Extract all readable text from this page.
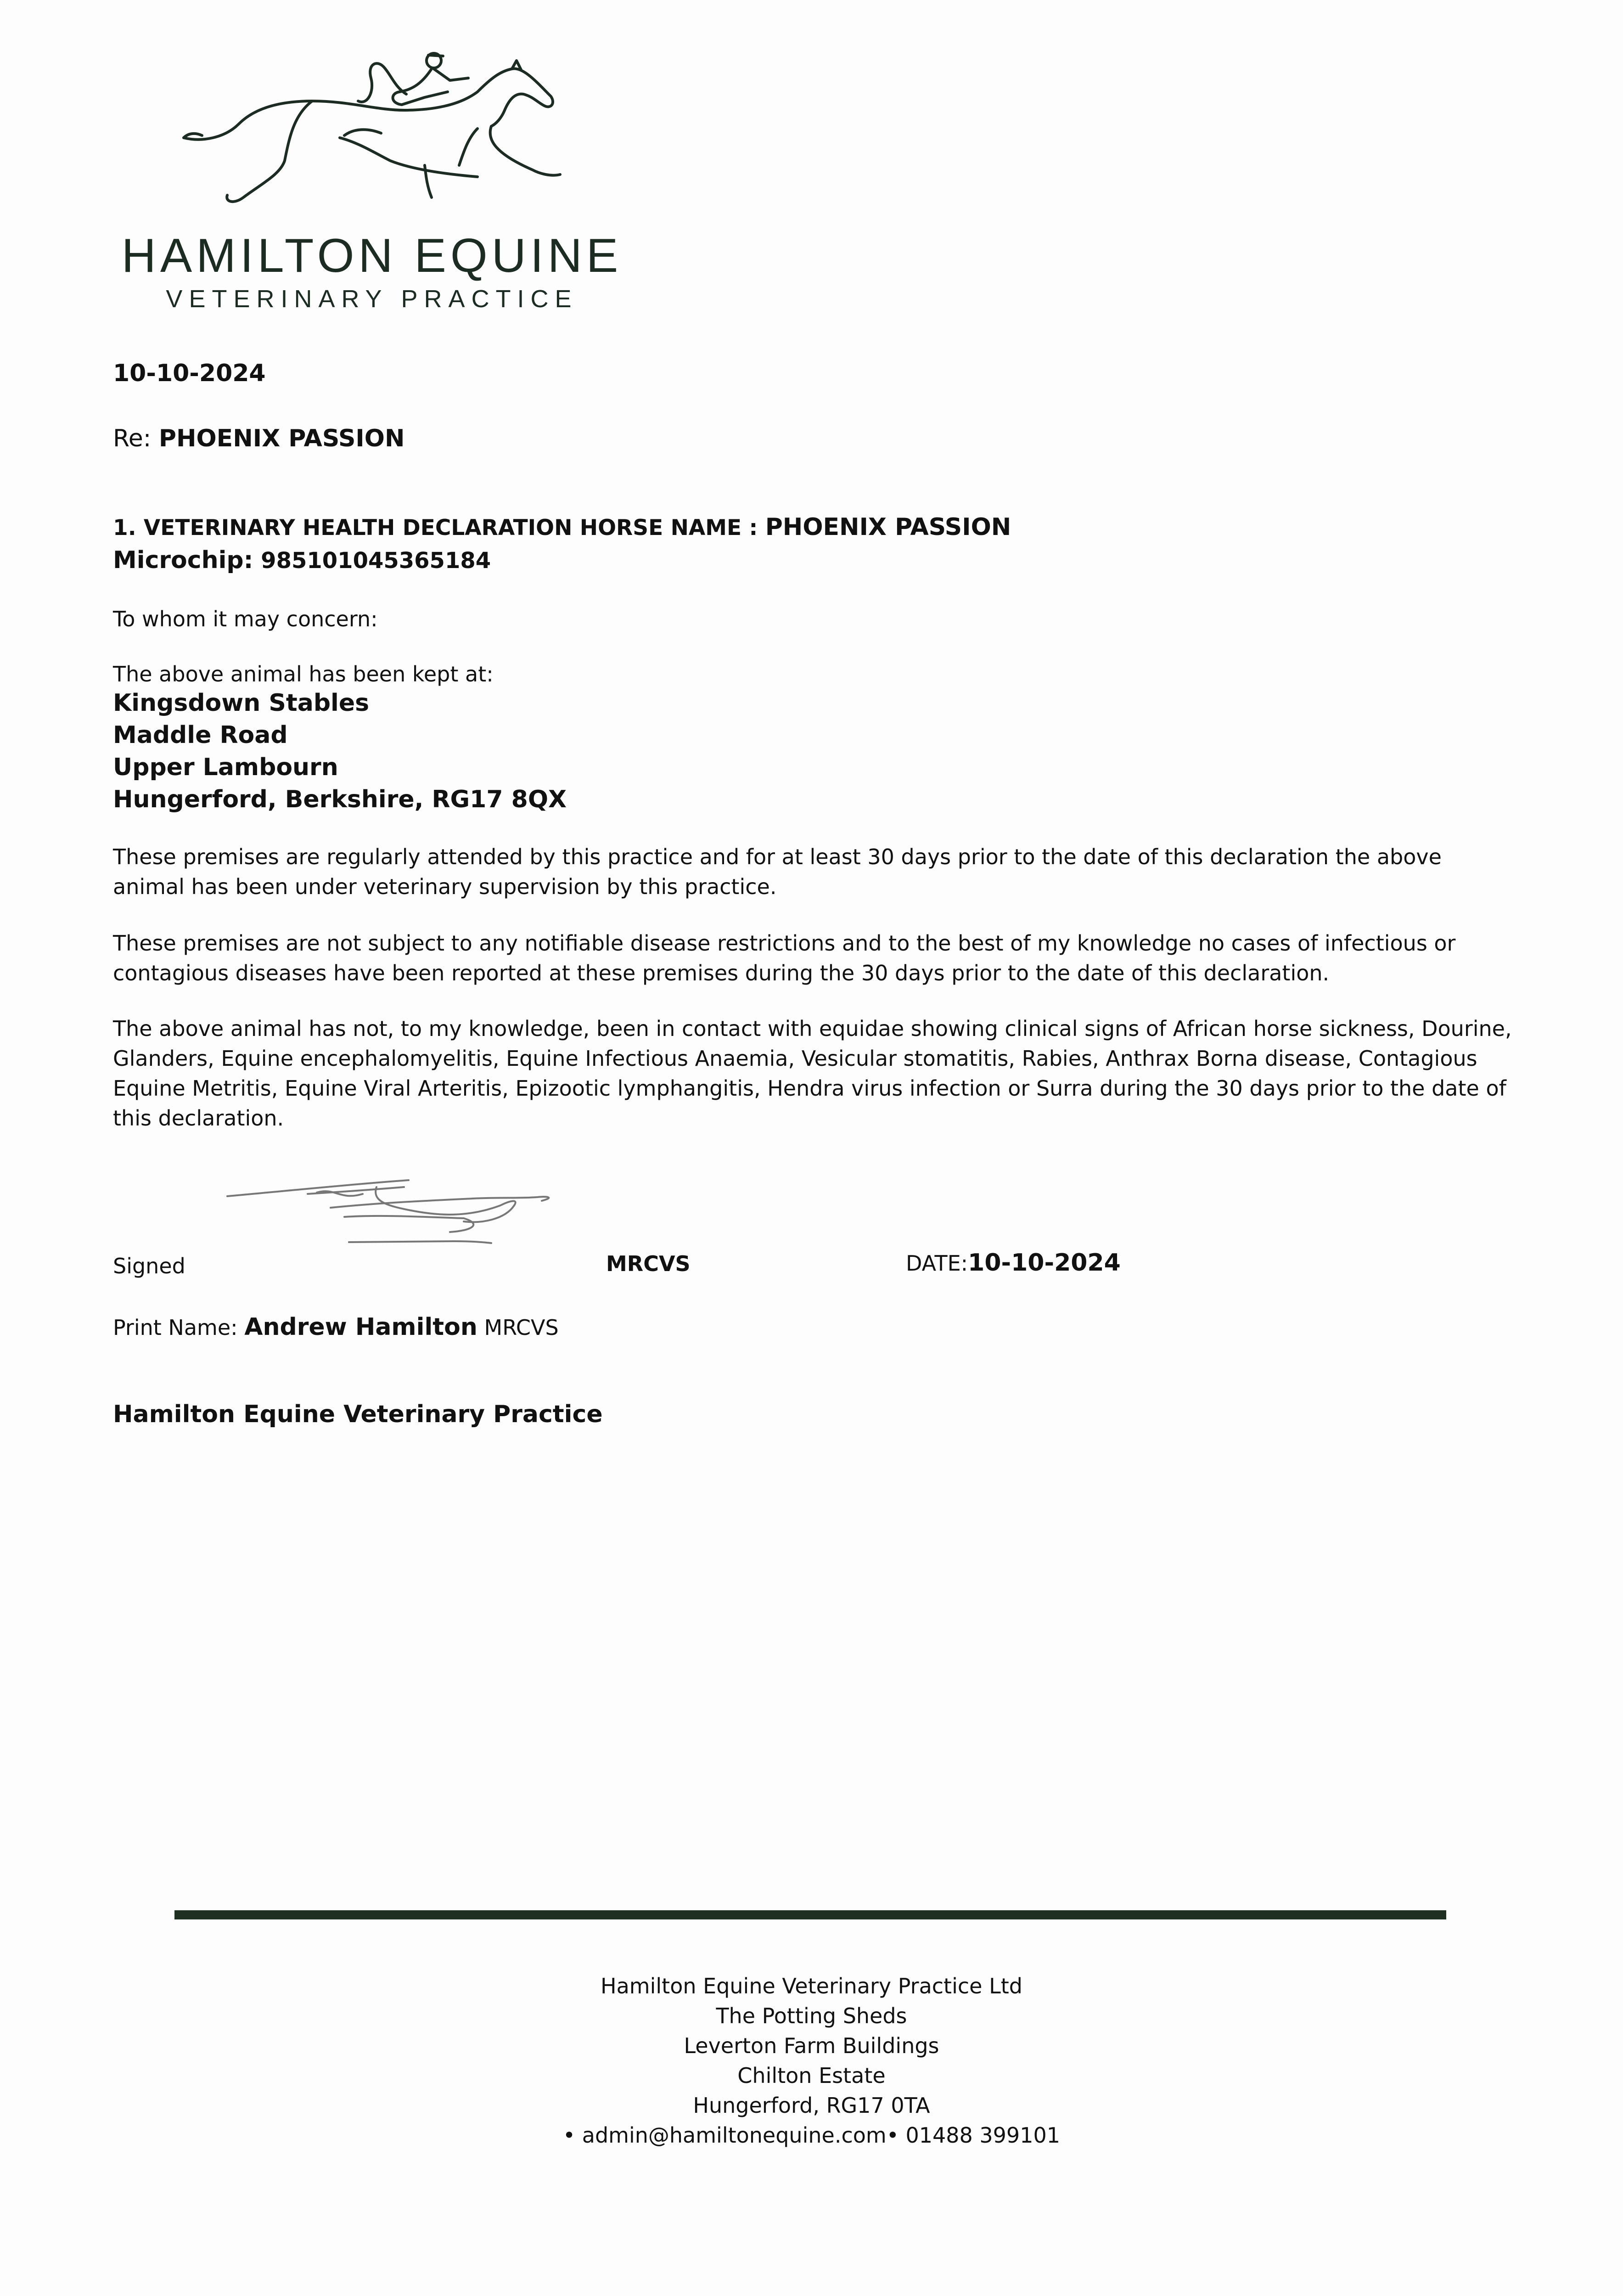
HAMILTON EQUINE
VETERINARY PRACTICE
10-10-2024
Re: PHOENIX PASSION
1. VETERINARY HEALTH DECLARATION HORSE NAME : PHOENIX PASSION
Microchip: 985101045365184
To whom it may concern:
The above animal has been kept at:
Kingsdown Stables
Maddle Road
Upper Lambourn
Hungerford, Berkshire, RG17 8QX

These premises are regularly attended by this practice and for at least 30 days prior to the date of this declaration the above animal has been under veterinary supervision by this practice.

These premises are not subject to any notifiable disease restrictions and to the best of my knowledge no cases of infectious or contagious diseases have been reported at these premises during the 30 days prior to the date of this declaration.

The above animal has not, to my knowledge, been in contact with equidae showing clinical signs of African horse sickness, Dourine, Glanders, Equine encephalomyelitis, Equine Infectious Anaemia, Vesicular stomatitis, Rabies, Anthrax Borna disease, Contagious Equine Metritis, Equine Viral Arteritis, Epizootic lymphangitis, Hendra virus infection or Surra during the 30 days prior to the date of this declaration.

Signed	MRCVS	DATE:10-10-2024
Print Name: Andrew Hamilton MRCVS
Hamilton Equine Veterinary Practice
Hamilton Equine Veterinary Practice Ltd
The Potting Sheds
Leverton Farm Buildings
Chilton Estate
Hungerford, RG17 0TA
• admin@hamiltonequine.com• 01488 399101
